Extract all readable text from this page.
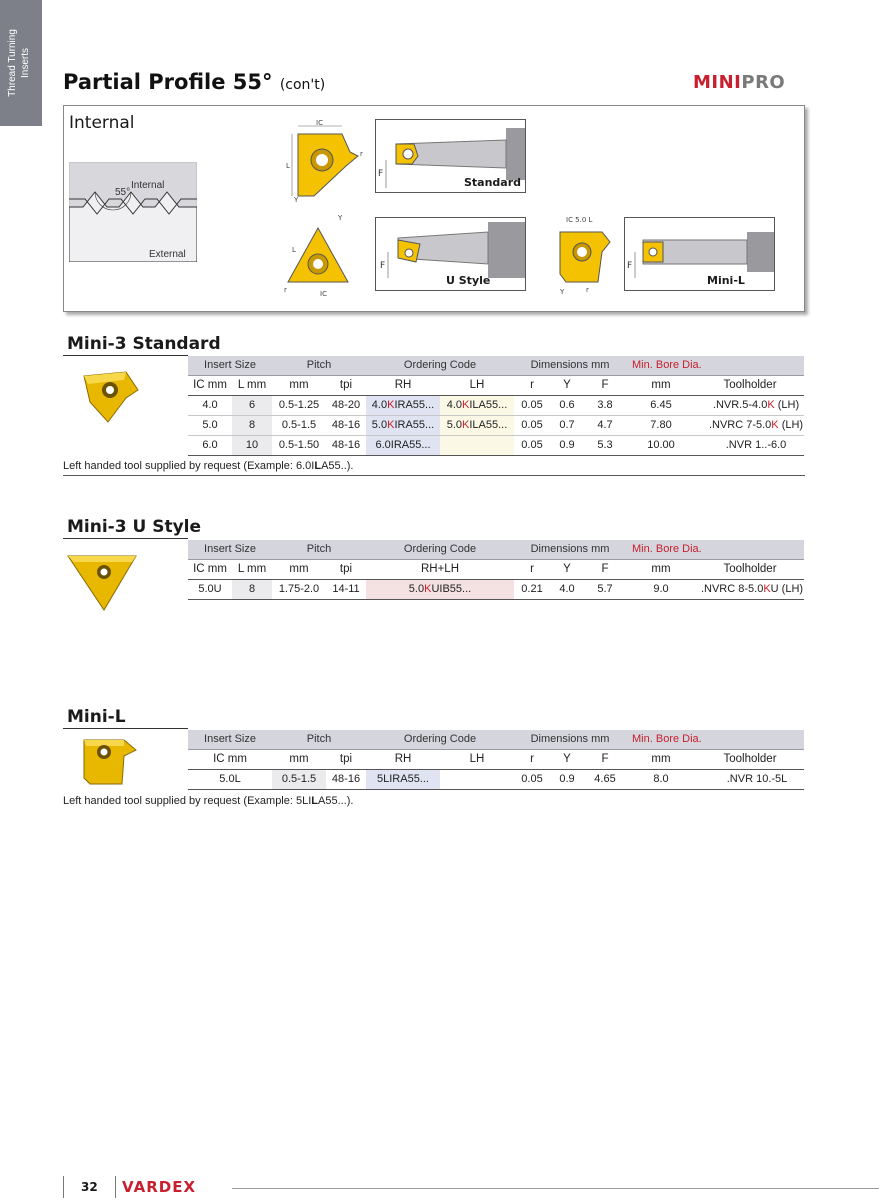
Thread Turning Inserts
Partial Profile 55° (con't)	MINIPRO
Internal
55°
Internal
External
IC
L
Y
r
F
Standard
Y
L
IC
r
F
U Style
IC 5.0 L
Y	r
F
Mini-L
Mini-3 Standard
Insert Size		Pitch		Ordering Code		Dimensions mm			Min. Bore Dia.	
IC mm	L mm	mm	tpi	RH	LH	r	Y	F	mm	Toolholder
4.0	6	0.5-1.25	48-20	4.0KIRA55...	4.0KILA55...	0.05	0.6	3.8	6.45	.NVR.5-4.0K (LH)
5.0	8	0.5-1.5	48-16	5.0KIRA55...	5.0KILA55...	0.05	0.7	4.7	7.80	.NVRC 7-5.0K (LH)
6.0	10	0.5-1.50	48-16	6.0IRA55...		0.05	0.9	5.3	10.00	.NVR 1..-6.0
Left handed tool supplied by request (Example: 6.0ILA55..).
Mini-3 U Style
Insert Size		Pitch		Ordering Code	Dimensions mm			Min. Bore Dia.	
IC mm	L mm	mm	tpi	RH+LH	r	Y	F	mm	Toolholder
5.0U	8	1.75-2.0	14-11	5.0KUIB55...	0.21	4.0	5.7	9.0	.NVRC 8-5.0KU (LH)
Mini-L
Insert Size	Pitch		Ordering Code		Dimensions mm			Min. Bore Dia.	
IC mm	mm	tpi	RH	LH	r	Y	F	mm	Toolholder
5.0L	0.5-1.5	48-16	5LIRA55...		0.05	0.9	4.65	8.0	.NVR 10.-5L
Left handed tool supplied by request (Example: 5LILA55...).
32 VARDEX
